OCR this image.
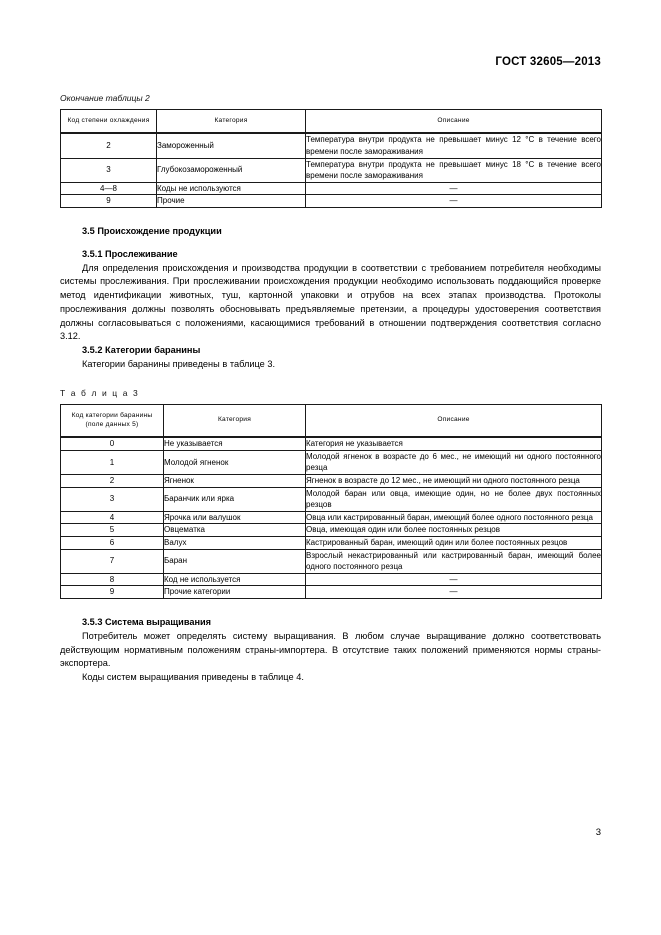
ГОСТ 32605—2013
Окончание таблицы 2
Код степени охлаждения	Категория	Описание
2	Замороженный	Температура внутри продукта не превышает минус 12 °С в течение всего времени после замораживания
3	Глубокозамороженный	Температура внутри продукта не превышает минус 18 °С в течение всего времени после замораживания
4—8	Коды не используются	—
9	Прочие	—
3.5 Происхождение продукции
3.5.1 Прослеживание

Для определения происхождения и производства продукции в соответствии с требованием потребителя необходимы системы прослеживания. При прослеживании происхождения продукции необходимо использовать поддающийся проверке метод идентификации животных, туш, картонной упаковки и отрубов на всех этапах производства. Протоколы прослеживания должны позволять обосновывать предъявляемые претензии, а процедуры удостоверения соответствия должны согласовываться с положениями, касающимися требований в отношении подтверждения соответствия согласно 3.12.

3.5.2 Категории баранины

Категории баранины приведены в таблице 3.

Т а б л и ц а 3
Код категории баранины (поле данных 5)	Категория	Описание
0	Не указывается	Категория не указывается
1	Молодой ягненок	Молодой ягненок в возрасте до 6 мес., не имеющий ни одного постоянного резца
2	Ягненок	Ягненок в возрасте до 12 мес., не имеющий ни одного постоянного резца
3	Баранчик или ярка	Молодой баран или овца, имеющие один, но не более двух постоянных резцов
4	Ярочка или валушок	Овца или кастрированный баран, имеющий более одного постоянного резца
5	Овцематка	Овца, имеющая один или более постоянных резцов
6	Валух	Кастрированный баран, имеющий один или более постоянных резцов
7	Баран	Взрослый некастрированный или кастрированный баран, имеющий более одного постоянного резца
8	Код не используется	—
9	Прочие категории	—
3.5.3 Система выращивания

Потребитель может определять систему выращивания. В любом случае выращивание должно соответствовать действующим нормативным положениям страны-импортера. В отсутствие таких положений применяются нормы страны-экспортера.

Коды систем выращивания приведены в таблице 4.

3
